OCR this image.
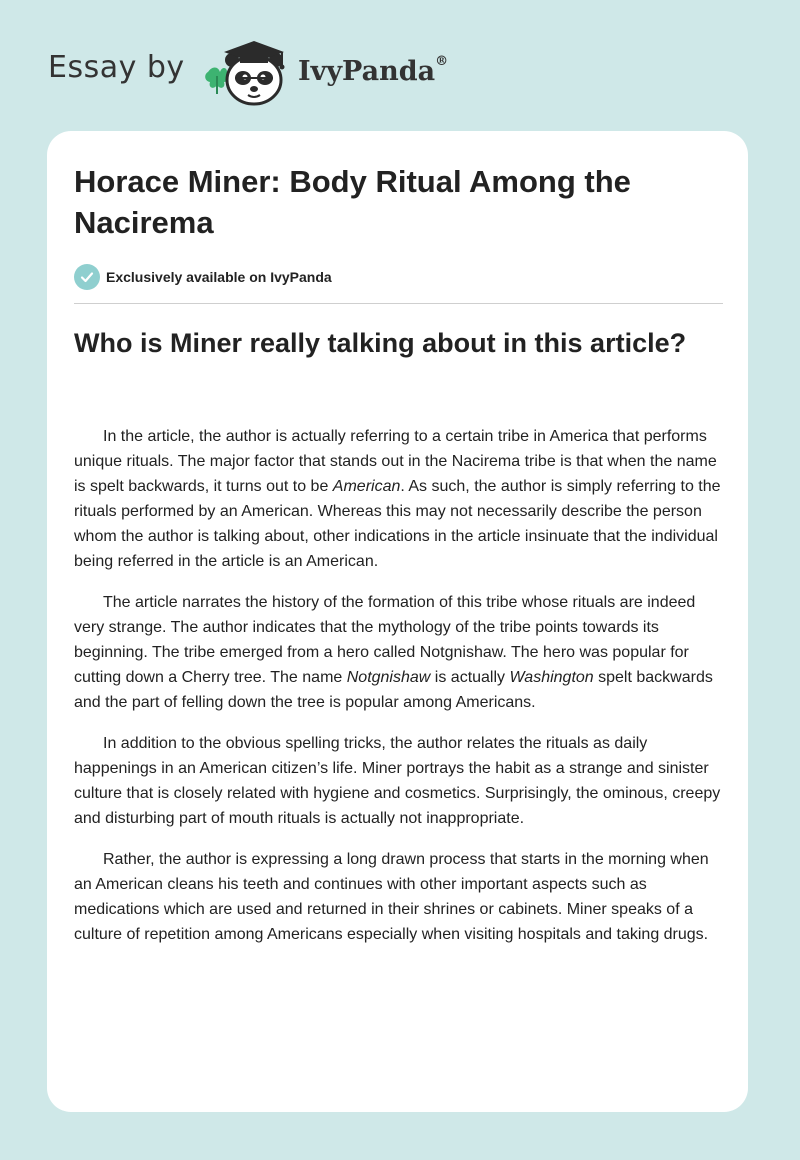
Essay by	IvyPanda®
Horace Miner: Body Ritual Among the Nacirema
Exclusively available on IvyPanda
Who is Miner really talking about in this article?

In the article, the author is actually referring to a certain tribe in America that performs unique rituals. The major factor that stands out in the Nacirema tribe is that when the name is spelt backwards, it turns out to be American. As such, the author is simply referring to the rituals performed by an American. Whereas this may not necessarily describe the person whom the author is talking about, other indications in the article insinuate that the individual being referred in the article is an American.

The article narrates the history of the formation of this tribe whose rituals are indeed very strange. The author indicates that the mythology of the tribe points towards its beginning. The tribe emerged from a hero called Notgnishaw. The hero was popular for cutting down a Cherry tree. The name Notgnishaw is actually Washington spelt backwards and the part of felling down the tree is popular among Americans.

In addition to the obvious spelling tricks, the author relates the rituals as daily happenings in an American citizen’s life. Miner portrays the habit as a strange and sinister culture that is closely related with hygiene and cosmetics. Surprisingly, the ominous, creepy and disturbing part of mouth rituals is actually not inappropriate.

Rather, the author is expressing a long drawn process that starts in the morning when an American cleans his teeth and continues with other important aspects such as medications which are used and returned in their shrines or cabinets. Miner speaks of a culture of repetition among Americans especially when visiting hospitals and taking drugs.
